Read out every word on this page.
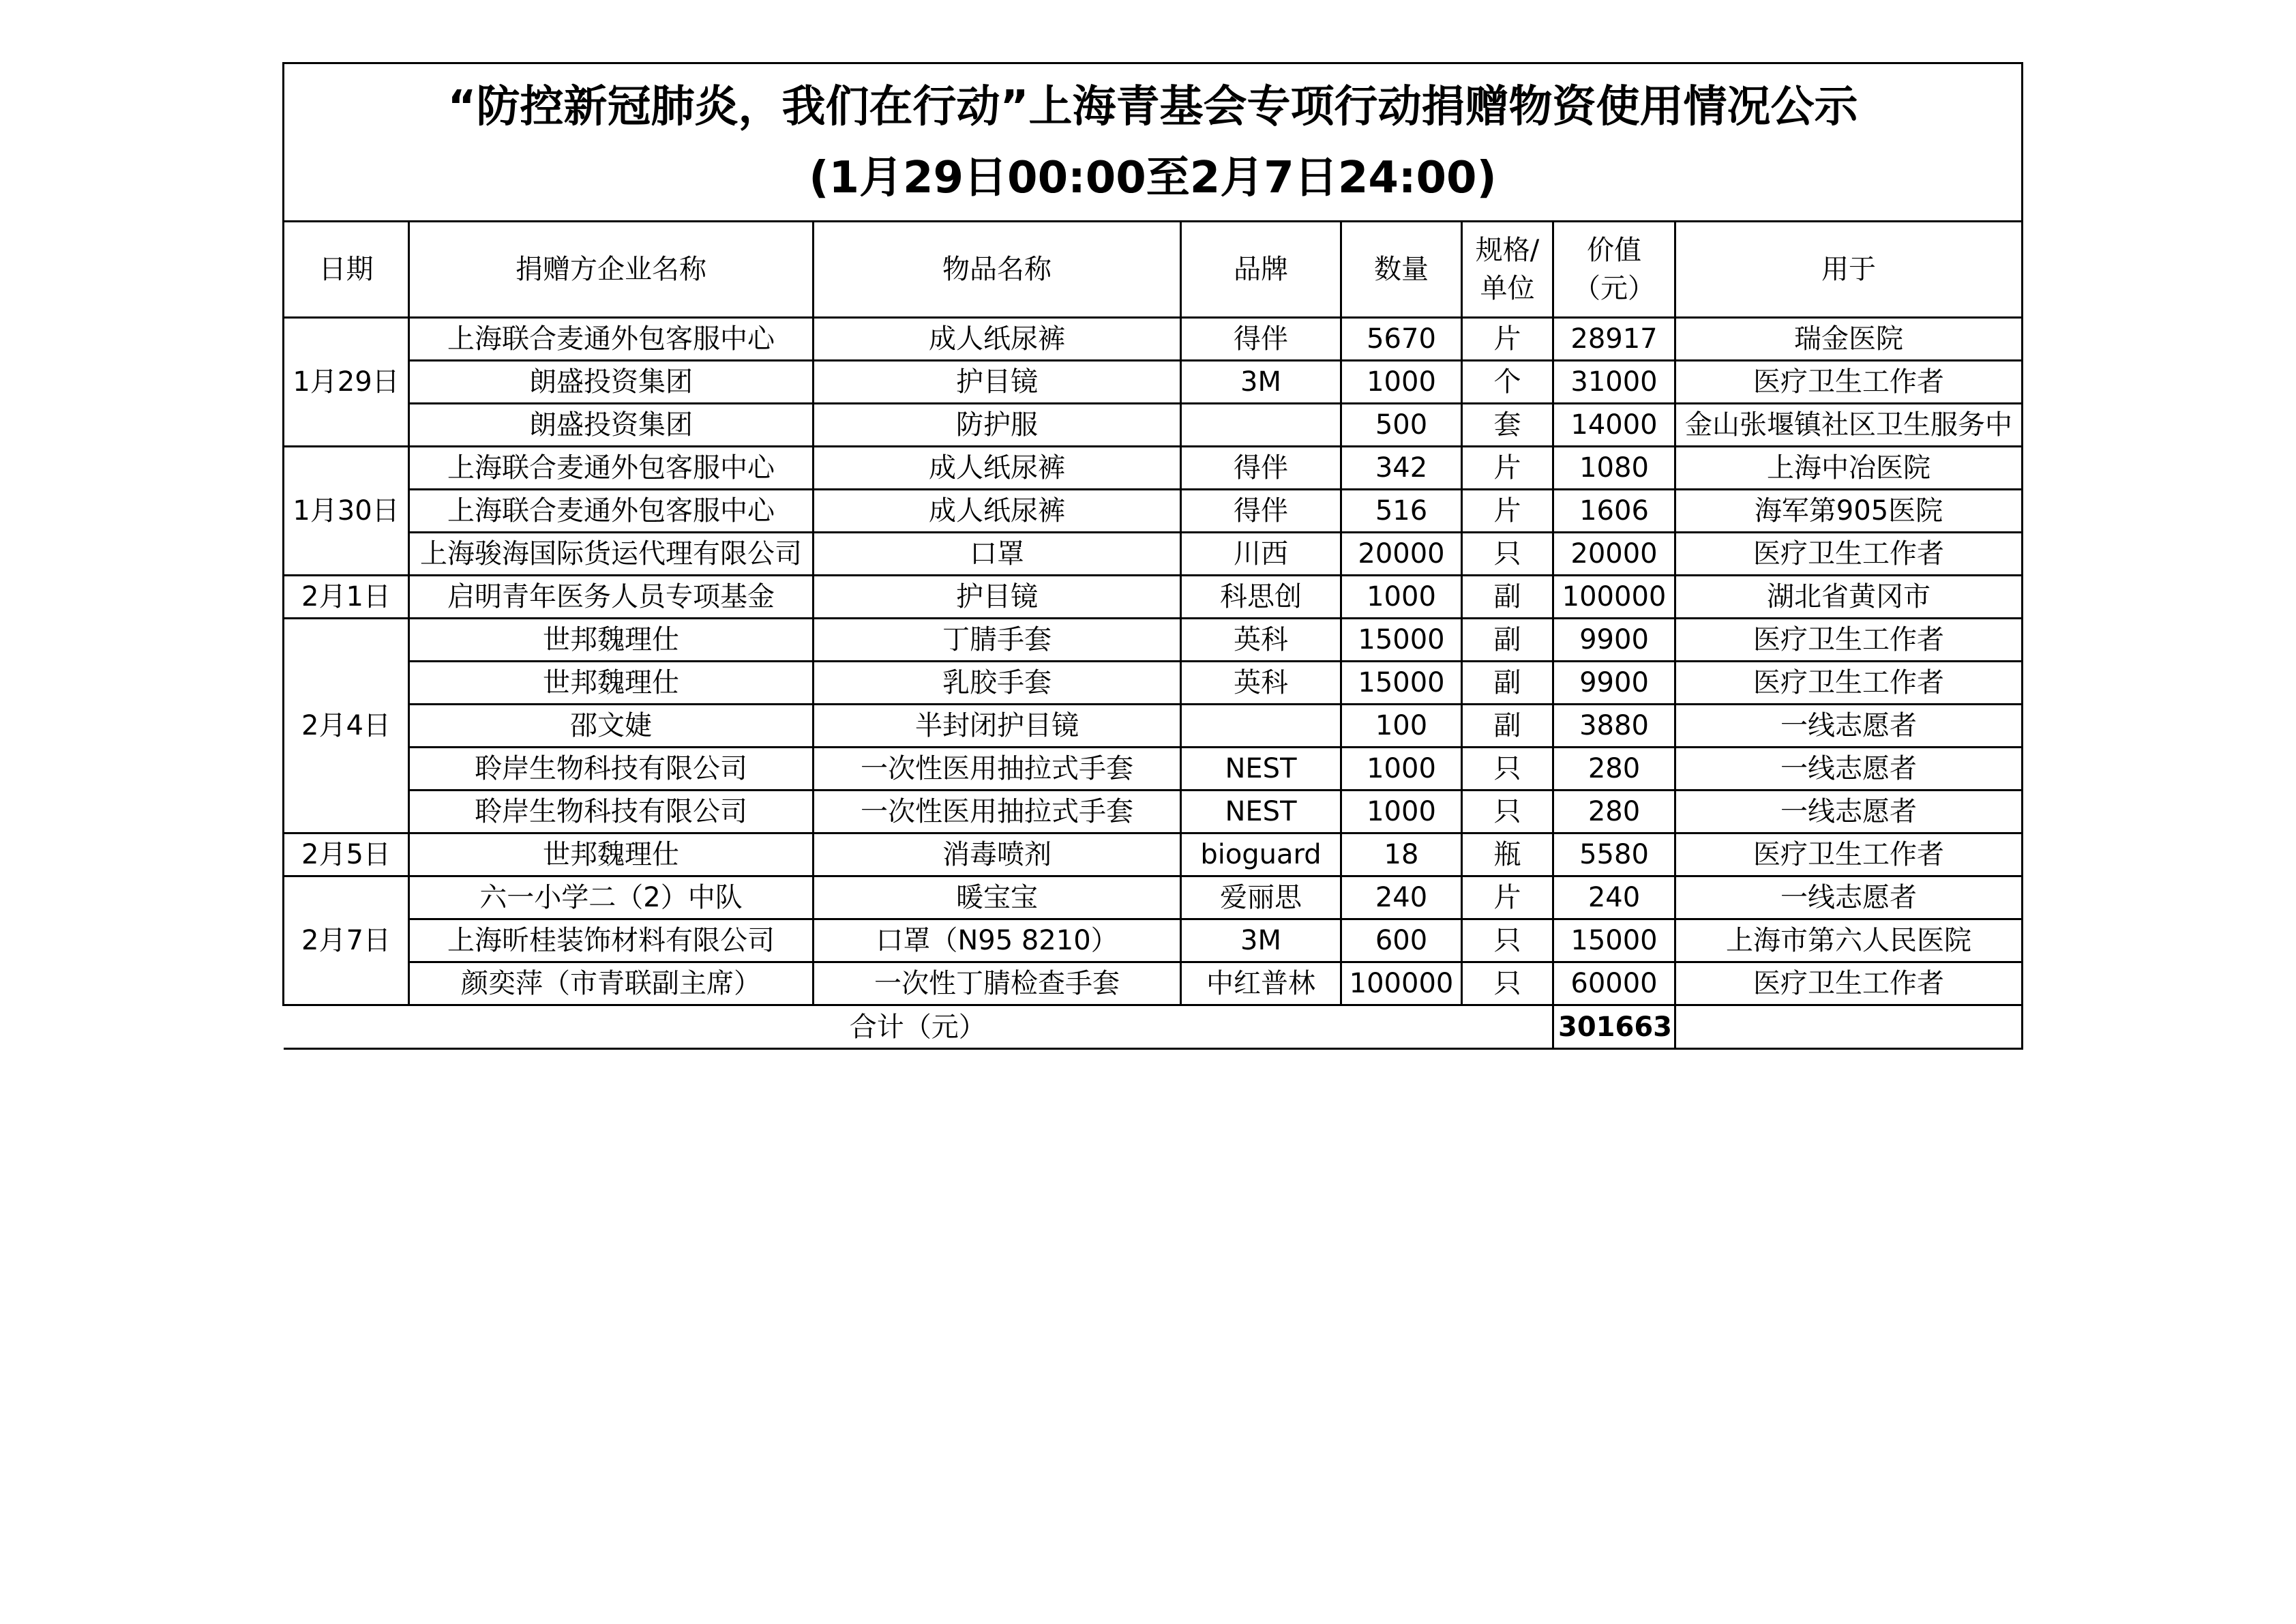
“防控新冠肺炎，我们在行动”上海青基会专项行动捐赠物资使用情况公示
(1月29日00:00至2月7日24:00)							

日期	捐赠方企业名称	物品名称	品牌	数量	规格/单位	价值（元）	用于
1月29日	上海联合麦通外包客服中心	成人纸尿裤	得伴	5670	片	28917	瑞金医院
	朗盛投资集团	护目镜	3M	1000	个	31000	医疗卫生工作者
	朗盛投资集团	防护服		500	套	14000	金山张堰镇社区卫生服务中
1月30日	上海联合麦通外包客服中心	成人纸尿裤	得伴	342	片	1080	上海中冶医院
	上海联合麦通外包客服中心	成人纸尿裤	得伴	516	片	1606	海军第905医院
	上海骏海国际货运代理有限公司	口罩	川西	20000	只	20000	医疗卫生工作者
2月1日	启明青年医务人员专项基金	护目镜	科思创	1000	副	100000	湖北省黄冈市
2月4日	世邦魏理仕	丁腈手套	英科	15000	副	9900	医疗卫生工作者
	世邦魏理仕	乳胶手套	英科	15000	副	9900	医疗卫生工作者
	邵文婕	半封闭护目镜		100	副	3880	一线志愿者
	聆岸生物科技有限公司	一次性医用抽拉式手套	NEST	1000	只	280	一线志愿者
	聆岸生物科技有限公司	一次性医用抽拉式手套	NEST	1000	只	280	一线志愿者
2月5日	世邦魏理仕	消毒喷剂	bioguard	18	瓶	5580	医疗卫生工作者
2月7日	六一小学二（2）中队	暖宝宝	爱丽思	240	片	240	一线志愿者
	上海昕桂装饰材料有限公司	口罩（N95 8210）	3M	600	只	15000	上海市第六人民医院
	颜奕萍（市青联副主席）	一次性丁腈检查手套	中红普林	100000	只	60000	医疗卫生工作者
合计（元）						301663	
